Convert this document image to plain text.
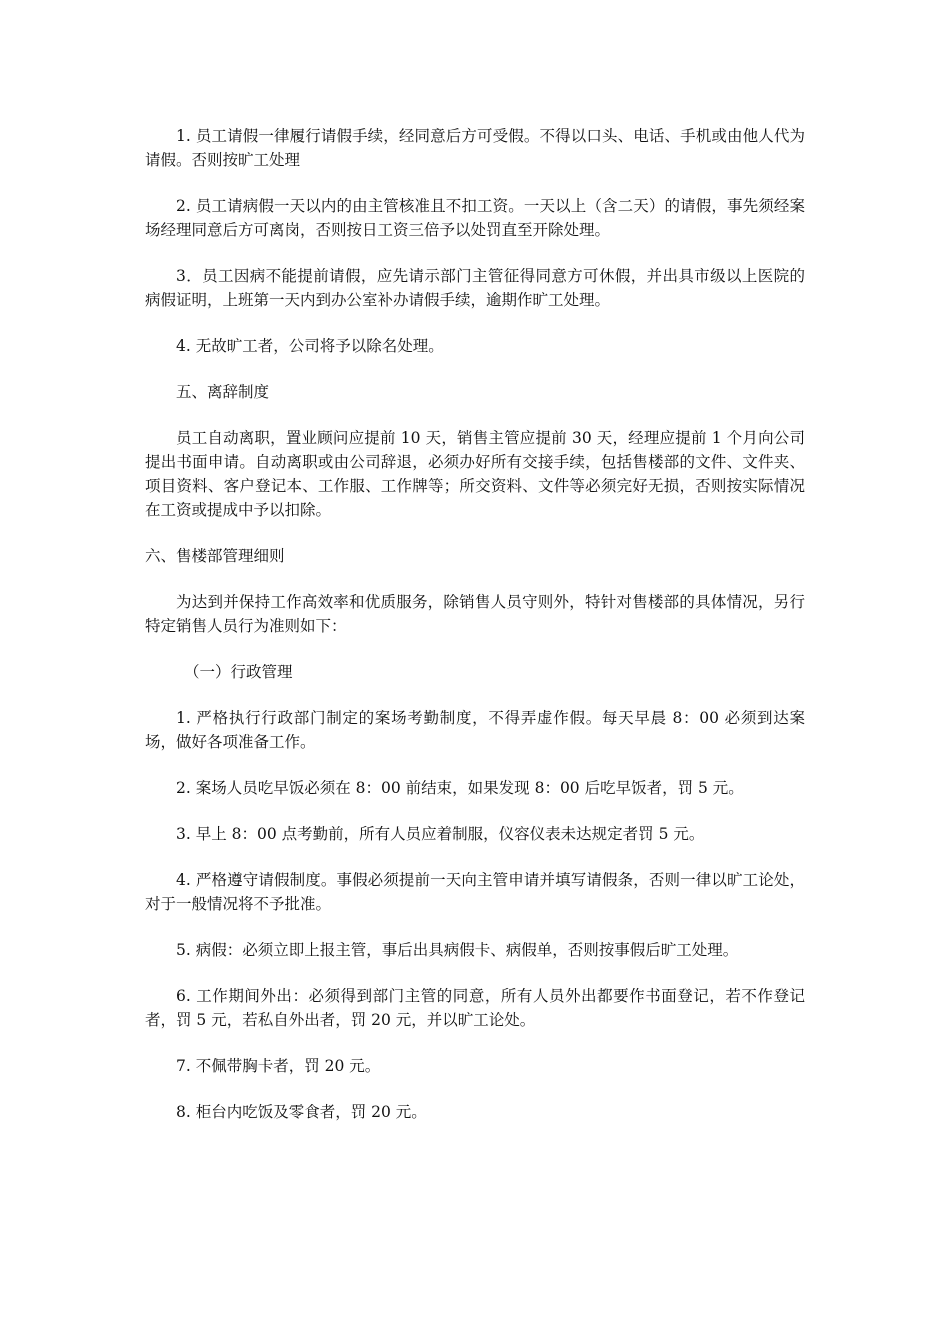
1. 员工请假一律履行请假手续，经同意后方可受假。不得以口头、电话、手机或由他人代为请假。否则按旷工处理

2. 员工请病假一天以内的由主管核准且不扣工资。一天以上（含二天）的请假，事先须经案场经理同意后方可离岗，否则按日工资三倍予以处罚直至开除处理。

3．员工因病不能提前请假，应先请示部门主管征得同意方可休假，并出具市级以上医院的病假证明，上班第一天内到办公室补办请假手续，逾期作旷工处理。

4. 无故旷工者，公司将予以除名处理。

五、离辞制度

员工自动离职，置业顾问应提前 10 天，销售主管应提前 30 天，经理应提前 1 个月向公司提出书面申请。自动离职或由公司辞退，必须办好所有交接手续，包括售楼部的文件、文件夹、项目资料、客户登记本、工作服、工作牌等；所交资料、文件等必须完好无损，否则按实际情况在工资或提成中予以扣除。

六、售楼部管理细则

为达到并保持工作高效率和优质服务，除销售人员守则外，特针对售楼部的具体情况，另行特定销售人员行为准则如下：

（一）行政管理

1. 严格执行行政部门制定的案场考勤制度，不得弄虚作假。每天早晨 8：00 必须到达案场，做好各项准备工作。

2. 案场人员吃早饭必须在 8：00 前结束，如果发现 8：00 后吃早饭者，罚 5 元。

3. 早上 8：00 点考勤前，所有人员应着制服，仪容仪表未达规定者罚 5 元。

4. 严格遵守请假制度。事假必须提前一天向主管申请并填写请假条，否则一律以旷工论处，对于一般情况将不予批准。

5. 病假：必须立即上报主管，事后出具病假卡、病假单，否则按事假后旷工处理。

6. 工作期间外出：必须得到部门主管的同意，所有人员外出都要作书面登记，若不作登记者，罚 5 元，若私自外出者，罚 20 元，并以旷工论处。

7. 不佩带胸卡者，罚 20 元。

8. 柜台内吃饭及零食者，罚 20 元。
